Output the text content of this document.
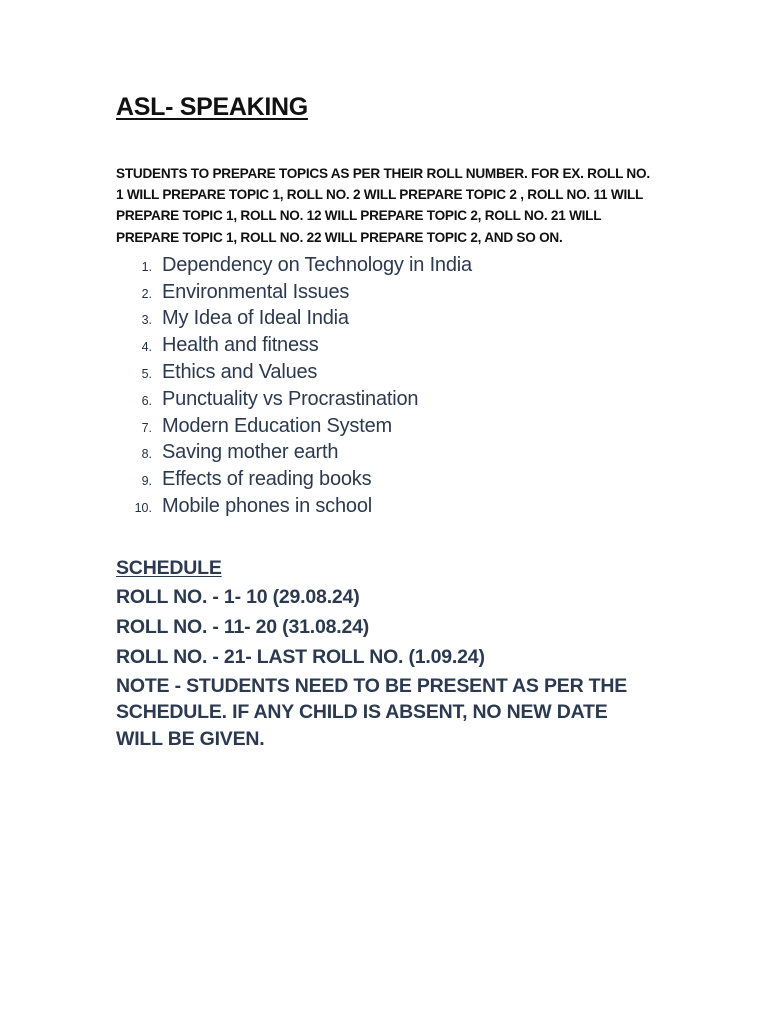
ASL- SPEAKING

STUDENTS TO PREPARE TOPICS AS PER THEIR ROLL NUMBER. FOR EX. ROLL NO. 1 WILL PREPARE TOPIC 1, ROLL NO. 2 WILL PREPARE TOPIC 2 , ROLL NO. 11 WILL PREPARE TOPIC 1, ROLL NO. 12 WILL PREPARE TOPIC 2, ROLL NO. 21 WILL PREPARE TOPIC 1, ROLL NO. 22 WILL PREPARE TOPIC 2, AND SO ON.

1. Dependency on Technology in India
2. Environmental Issues
3. My Idea of Ideal India
4. Health and fitness
5. Ethics and Values
6. Punctuality vs Procrastination
7. Modern Education System
8. Saving mother earth
9. Effects of reading books
10. Mobile phones in school
SCHEDULE
ROLL NO. - 1- 10 (29.08.24)
ROLL NO. - 11- 20 (31.08.24)
ROLL NO. - 21- LAST ROLL NO. (1.09.24)
NOTE - STUDENTS NEED TO BE PRESENT AS PER THE SCHEDULE. IF ANY CHILD IS ABSENT, NO NEW DATE WILL BE GIVEN.
